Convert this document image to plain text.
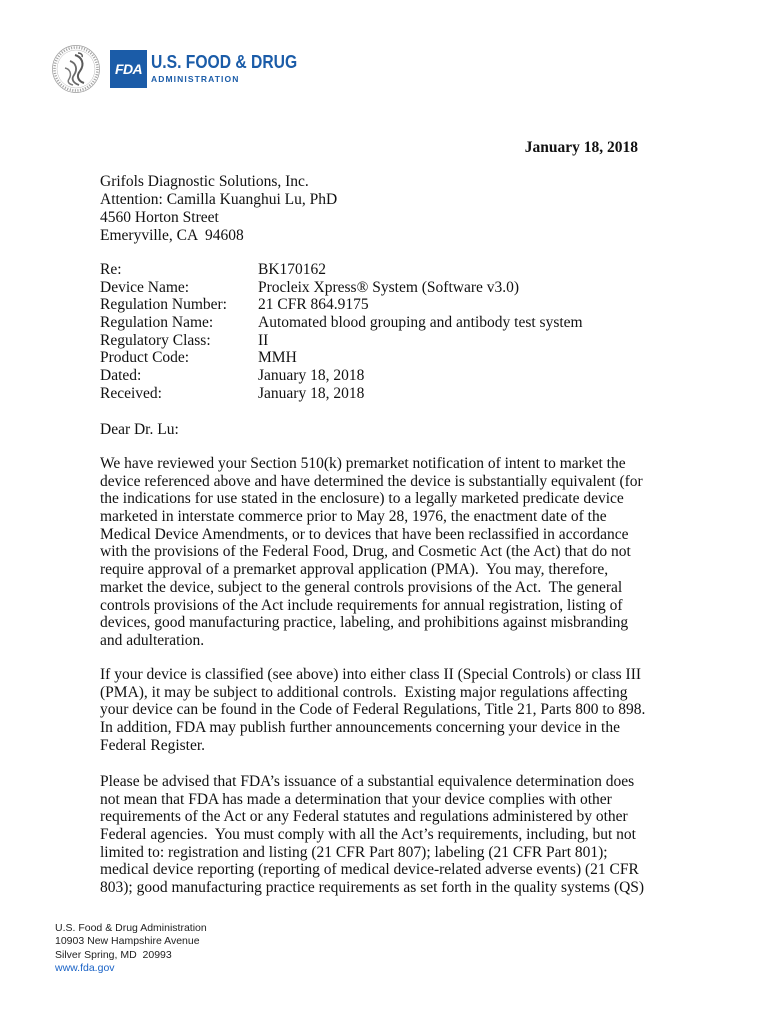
FDA U.S. FOOD & DRUG
ADMINISTRATION
January 18, 2018
Grifols Diagnostic Solutions, Inc.
Attention: Camilla Kuanghui Lu, PhD
4560 Horton Street
Emeryville, CA  94608

Re:

	BK170162

Device Name:

	Procleix Xpress® System (Software v3.0)

Regulation Number:

21 CFR 864.9175

Regulation Name:

	Automated blood grouping and antibody test system

Regulatory Class:

	II

Product Code:

	MMH

Dated:

	January 18, 2018

Received:

	January 18, 2018

Dear Dr. Lu:
We have reviewed your Section 510(k) premarket notification of intent to market the
device referenced above and have determined the device is substantially equivalent (for
the indications for use stated in the enclosure) to a legally marketed predicate device
marketed in interstate commerce prior to May 28, 1976, the enactment date of the
Medical Device Amendments, or to devices that have been reclassified in accordance
with the provisions of the Federal Food, Drug, and Cosmetic Act (the Act) that do not
require approval of a premarket approval application (PMA).  You may, therefore,
market the device, subject to the general controls provisions of the Act.  The general
controls provisions of the Act include requirements for annual registration, listing of
devices, good manufacturing practice, labeling, and prohibitions against misbranding
and adulteration.
If your device is classified (see above) into either class II (Special Controls) or class III
(PMA), it may be subject to additional controls.  Existing major regulations affecting
your device can be found in the Code of Federal Regulations, Title 21, Parts 800 to 898.
In addition, FDA may publish further announcements concerning your device in the
Federal Register.
Please be advised that FDA’s issuance of a substantial equivalence determination does
not mean that FDA has made a determination that your device complies with other
requirements of the Act or any Federal statutes and regulations administered by other
Federal agencies.  You must comply with all the Act’s requirements, including, but not
limited to: registration and listing (21 CFR Part 807); labeling (21 CFR Part 801);
medical device reporting (reporting of medical device-related adverse events) (21 CFR
803); good manufacturing practice requirements as set forth in the quality systems (QS)
U.S. Food & Drug Administration
10903 New Hampshire Avenue
Silver Spring, MD  20993
www.fda.gov
